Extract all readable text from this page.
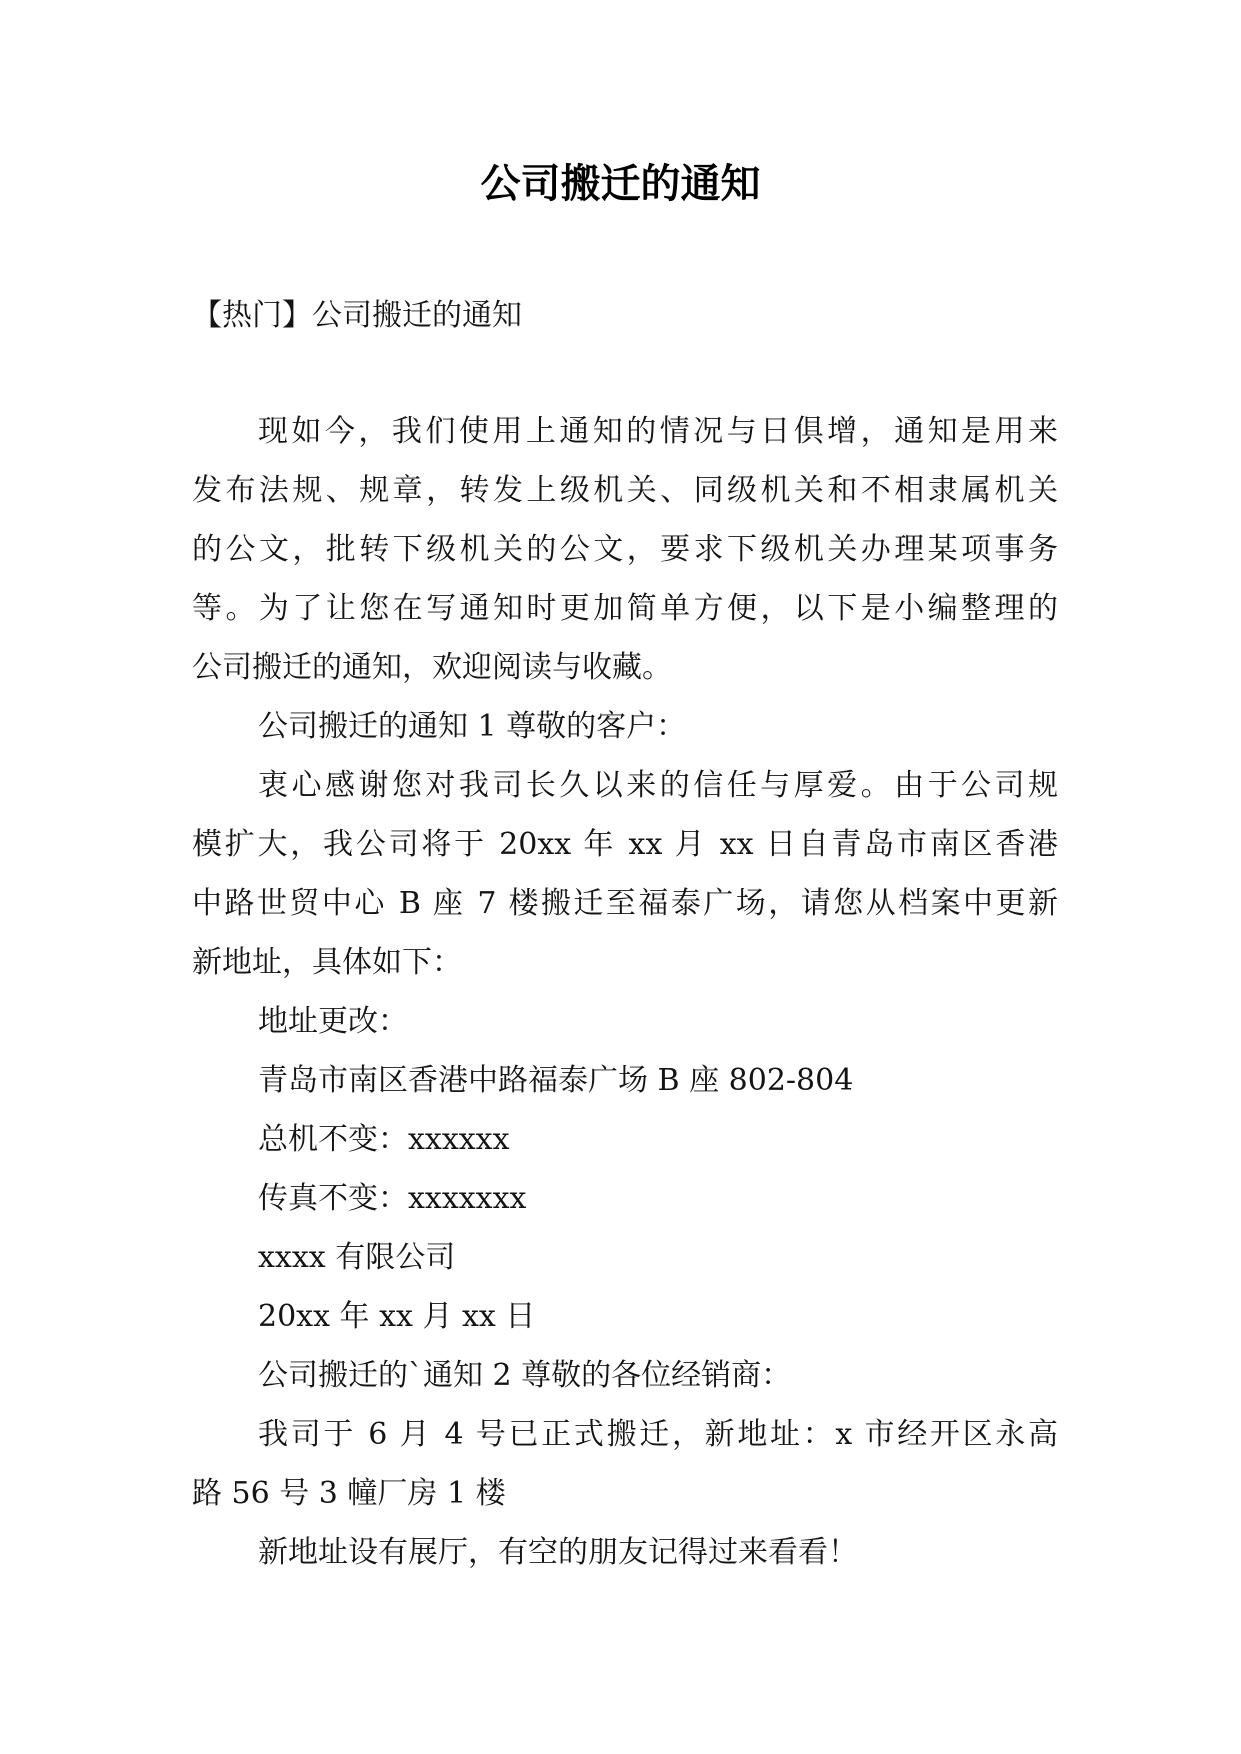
公司搬迁的通知
【热门】公司搬迁的通知
现如今，我们使用上通知的情况与日俱增，通知是用来
发布法规、规章，转发上级机关、同级机关和不相隶属机关
的公文，批转下级机关的公文，要求下级机关办理某项事务
等。为了让您在写通知时更加简单方便，以下是小编整理的
公司搬迁的通知，欢迎阅读与收藏。
公司搬迁的通知 1 尊敬的客户：
衷心感谢您对我司长久以来的信任与厚爱。由于公司规
模扩大，我公司将于 20xx 年 xx 月 xx 日自青岛市南区香港
中路世贸中心 B 座 7 楼搬迁至福泰广场，请您从档案中更新
新地址，具体如下：
地址更改：
青岛市南区香港中路福泰广场 B 座 802-804
总机不变：xxxxxx
传真不变：xxxxxxx
xxxx 有限公司
20xx 年 xx 月 xx 日
公司搬迁的`通知 2 尊敬的各位经销商：
我司于 6 月 4 号已正式搬迁，新地址：x 市经开区永高
路 56 号 3 幢厂房 1 楼
新地址设有展厅，有空的朋友记得过来看看！
